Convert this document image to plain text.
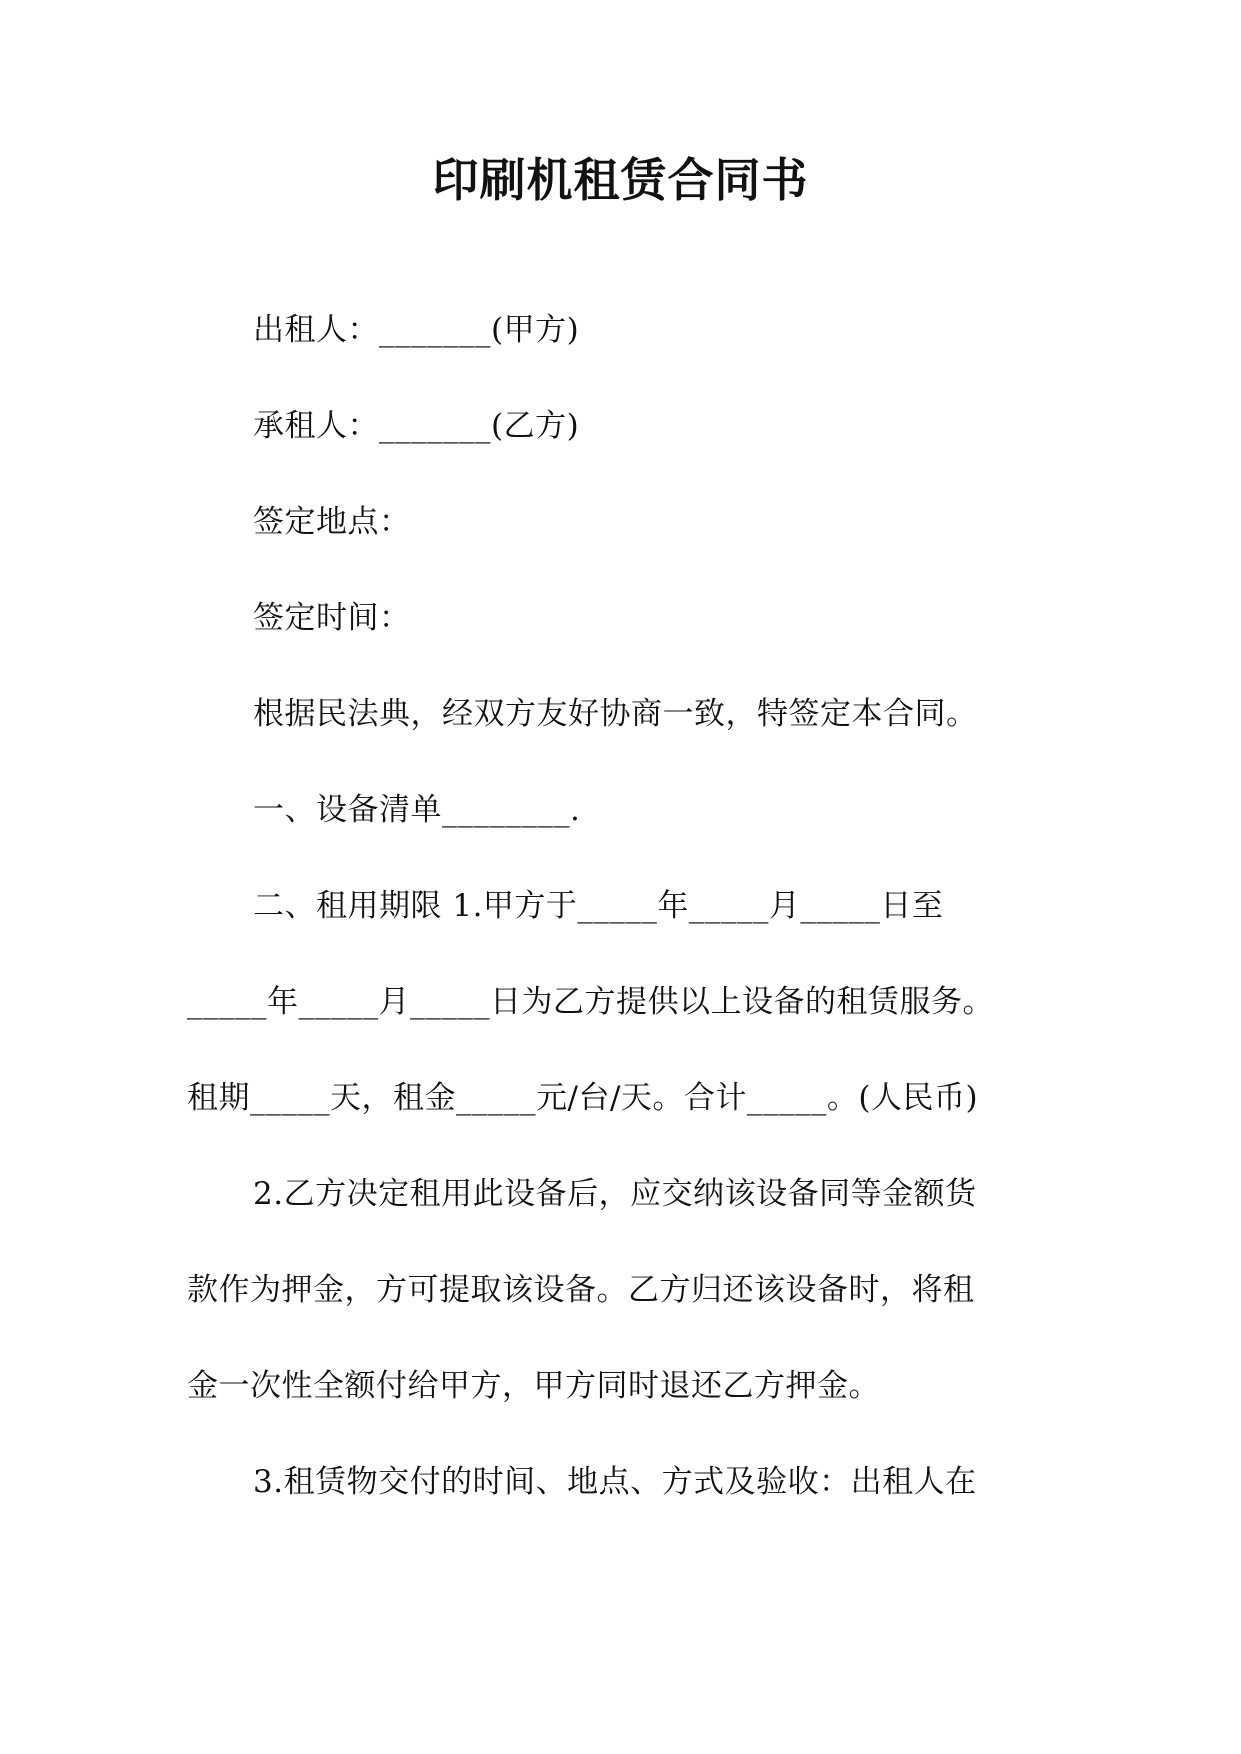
印刷机租赁合同书
出租人：_______(甲方)
承租人：_______(乙方)
签定地点：
签定时间：
根据民法典，经双方友好协商一致，特签定本合同。
一、设备清单________.
二、租用期限 1.甲方于_____年_____月_____日至
_____年_____月_____日为乙方提供以上设备的租赁服务。
租期_____天，租金_____元/台/天。合计_____。(人民币)
2.乙方决定租用此设备后，应交纳该设备同等金额货
款作为押金，方可提取该设备。乙方归还该设备时，将租
金一次性全额付给甲方，甲方同时退还乙方押金。
3.租赁物交付的时间、地点、方式及验收：出租人在
